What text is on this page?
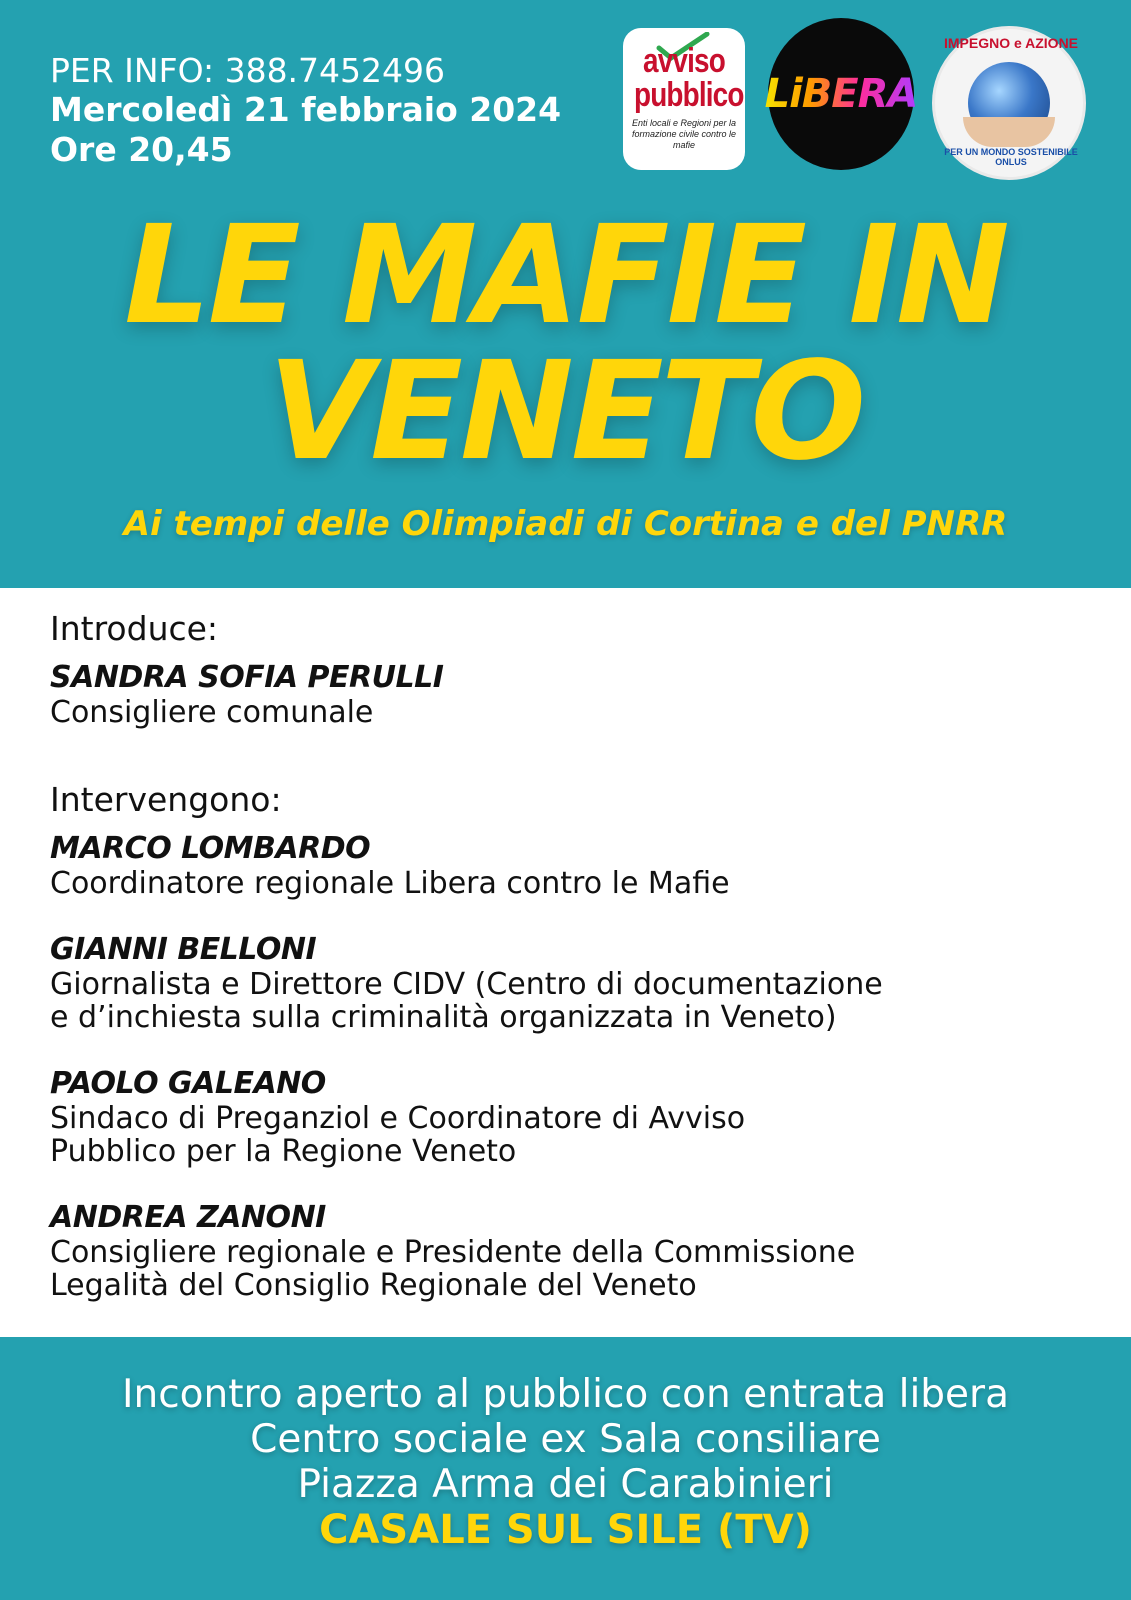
PER INFO: 388.7452496
Mercoledì 21 febbraio 2024
Ore 20,45
avviso
pubblico
Enti locali e Regioni per la formazione civile contro le mafie
LiBERA
IMPEGNO e AZIONE
PER UN MONDO SOSTENIBILE ONLUS
LE MAFIE IN
VENETO
Ai tempi delle Olimpiadi di Cortina e del PNRR
Introduce:
SANDRA SOFIA PERULLI
Consigliere comunale
Intervengono:
MARCO LOMBARDO
Coordinatore regionale Libera contro le Mafie
GIANNI BELLONI
Giornalista e Direttore CIDV (Centro di documentazione
e d’inchiesta sulla criminalità organizzata in Veneto)
PAOLO GALEANO
Sindaco di Preganziol e Coordinatore di Avviso
Pubblico per la Regione Veneto
ANDREA ZANONI
Consigliere regionale e Presidente della Commissione
Legalità del Consiglio Regionale del Veneto
Incontro aperto al pubblico con entrata libera
Centro sociale ex Sala consiliare
Piazza Arma dei Carabinieri
CASALE SUL SILE (TV)
